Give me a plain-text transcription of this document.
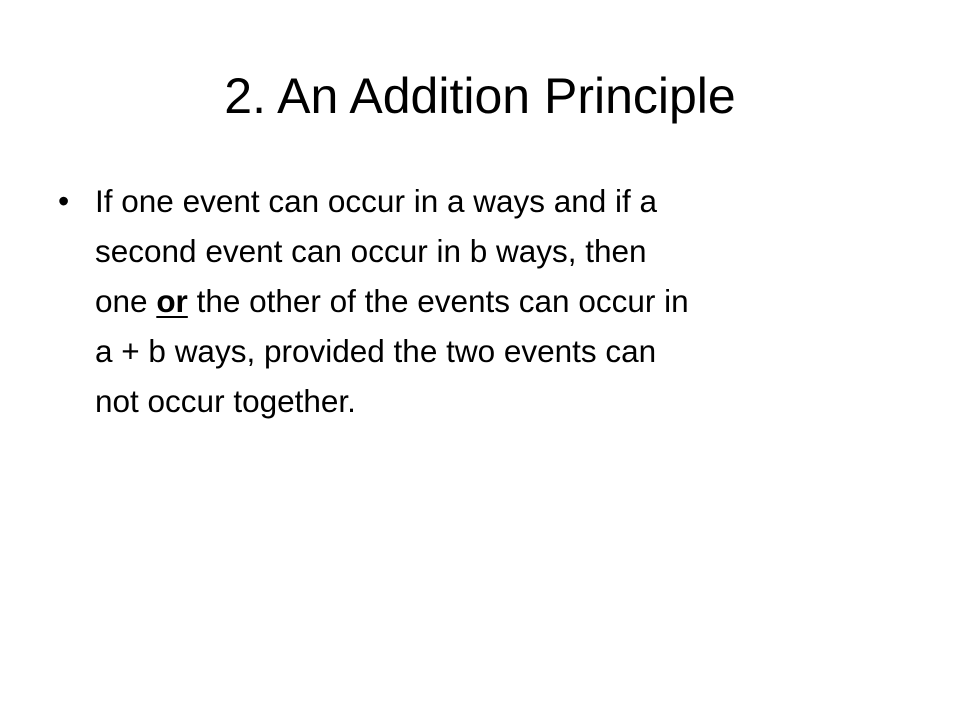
2. An Addition Principle
• If one event can occur in a ways and if a
second event can occur in b ways, then
one or the other of the events can occur in
a + b ways, provided the two events can
not occur together.
